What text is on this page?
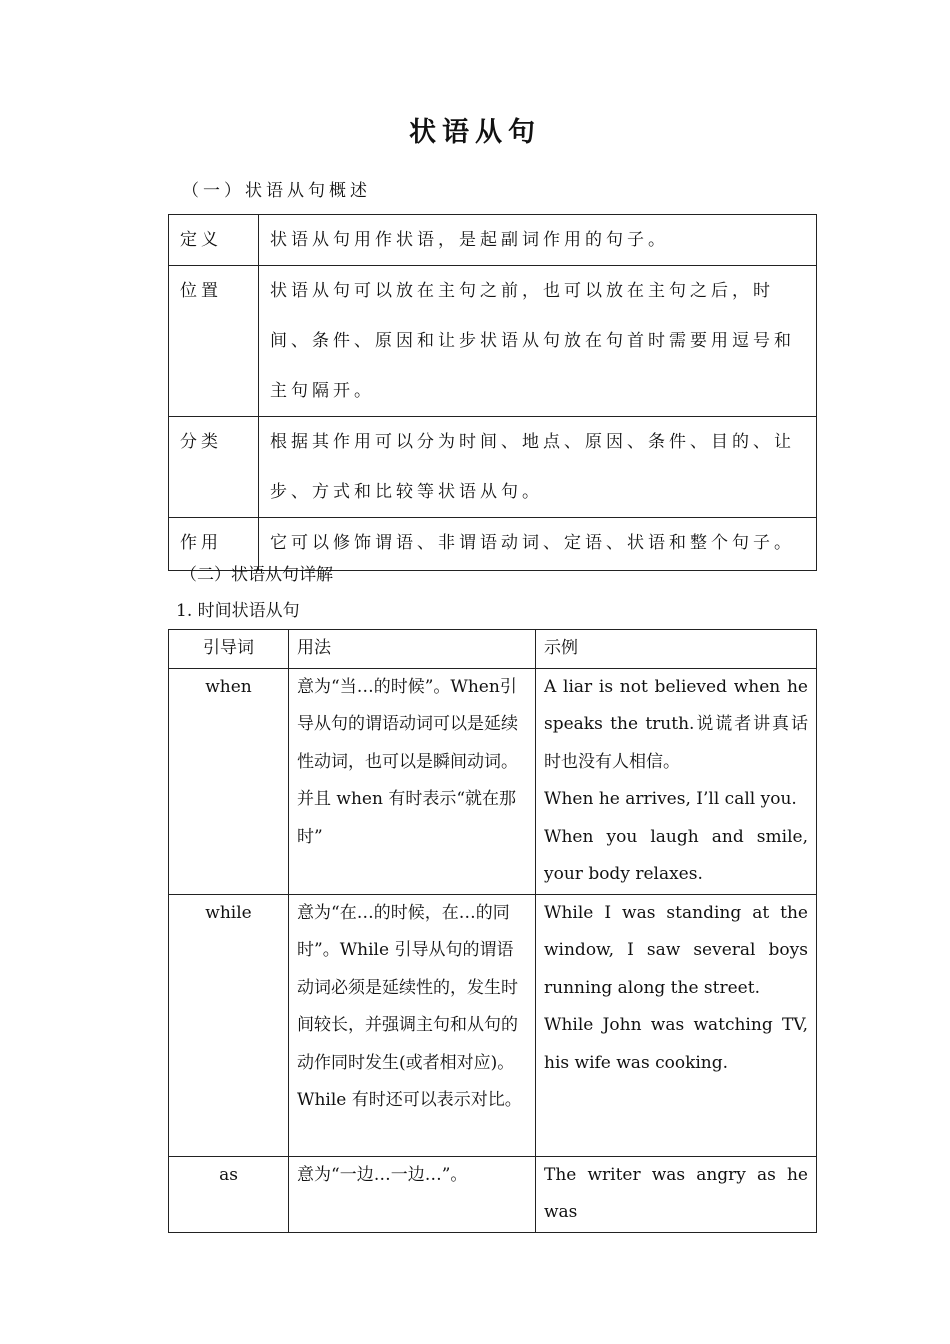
状语从句
（一）状语从句概述
定义	状语从句用作状语，是起副词作用的句子。
位置	状语从句可以放在主句之前，也可以放在主句之后，时间、条件、原因和让步状语从句放在句首时需要用逗号和主句隔开。
分类	根据其作用可以分为时间、地点、原因、条件、目的、让步、方式和比较等状语从句。
作用	它可以修饰谓语、非谓语动词、定语、状语和整个句子。
（二）状语从句详解
1. 时间状语从句
引导词	用法	示例
when	意为“当…的时候”。When引导从句的谓语动词可以是延续性动词，也可以是瞬间动词。并且 when 有时表示“就在那时”	A liar is not believed when he speaks the truth.说谎者讲真话时也没有人相信。

When he arrives, I’ll call you.

When you laugh and smile, your body relaxes.

while	意为“在…的时候，在…的同时”。While 引导从句的谓语动词必须是延续性的，发生时间较长，并强调主句和从句的动作同时发生(或者相对应)。While 有时还可以表示对比。	While I was standing at the window, I saw several boys running along the street.

While John was watching TV, his wife was cooking.

as	意为“一边…一边…”。	The writer was angry as he was
